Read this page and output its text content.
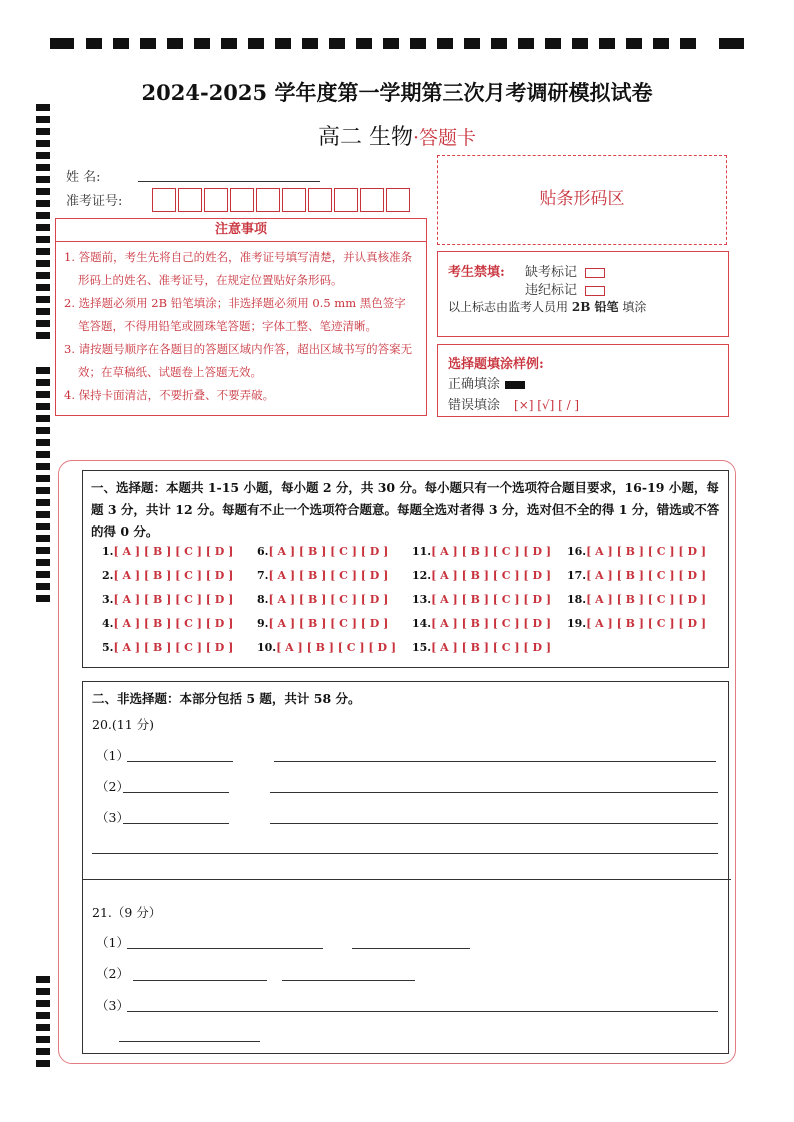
2024-2025 学年度第一学期第三次月考调研模拟试卷
高二 生物·答题卡
姓 名:
准考证号:	贴条形码区
注意事项
1. 答题前，考生先将自己的姓名，准考证号填写清楚，并认真核准条形码上的姓名、准考证号，在规定位置贴好条形码。
2. 选择题必须用 2B 铅笔填涂；非选择题必须用 0.5 mm 黑色签字笔答题，不得用铅笔或圆珠笔答题；字体工整、笔迹清晰。
3. 请按题号顺序在各题目的答题区域内作答，超出区域书写的答案无效；在草稿纸、试题卷上答题无效。
4. 保持卡面清洁，不要折叠、不要弄破。
考生禁填: 缺考标记
违纪标记
以上标志由监考人员用 2B 铅笔 填涂
选择题填涂样例:
正确填涂
错误填涂 [×] [√] [ / ]
一、选择题：本题共 1-15 小题，每小题 2 分，共 30 分。每小题只有一个选项符合题目要求，16-19 小题，每题 3 分，共计 12 分。每题有不止一个选项符合题意。每题全选对者得 3 分，选对但不全的得 1 分，错选或不答的得 0 分。
1.[ A ] [ B ] [ C ] [ D ]
2.[ A ] [ B ] [ C ] [ D ]
3.[ A ] [ B ] [ C ] [ D ]
4.[ A ] [ B ] [ C ] [ D ]
5.[ A ] [ B ] [ C ] [ D ]
6.[ A ] [ B ] [ C ] [ D ]
7.[ A ] [ B ] [ C ] [ D ]
8.[ A ] [ B ] [ C ] [ D ]
9.[ A ] [ B ] [ C ] [ D ]
10.[ A ] [ B ] [ C ] [ D ]
11.[ A ] [ B ] [ C ] [ D ]
12.[ A ] [ B ] [ C ] [ D ]
13.[ A ] [ B ] [ C ] [ D ]
14.[ A ] [ B ] [ C ] [ D ]
15.[ A ] [ B ] [ C ] [ D ]
16.[ A ] [ B ] [ C ] [ D ]
17.[ A ] [ B ] [ C ] [ D ]
18.[ A ] [ B ] [ C ] [ D ]
19.[ A ] [ B ] [ C ] [ D ]
二、非选择题：本部分包括 5 题，共计 58 分。
20.(11 分)
（1）
（2）
（3）
21.（9 分）
（1）
（2）
（3）
